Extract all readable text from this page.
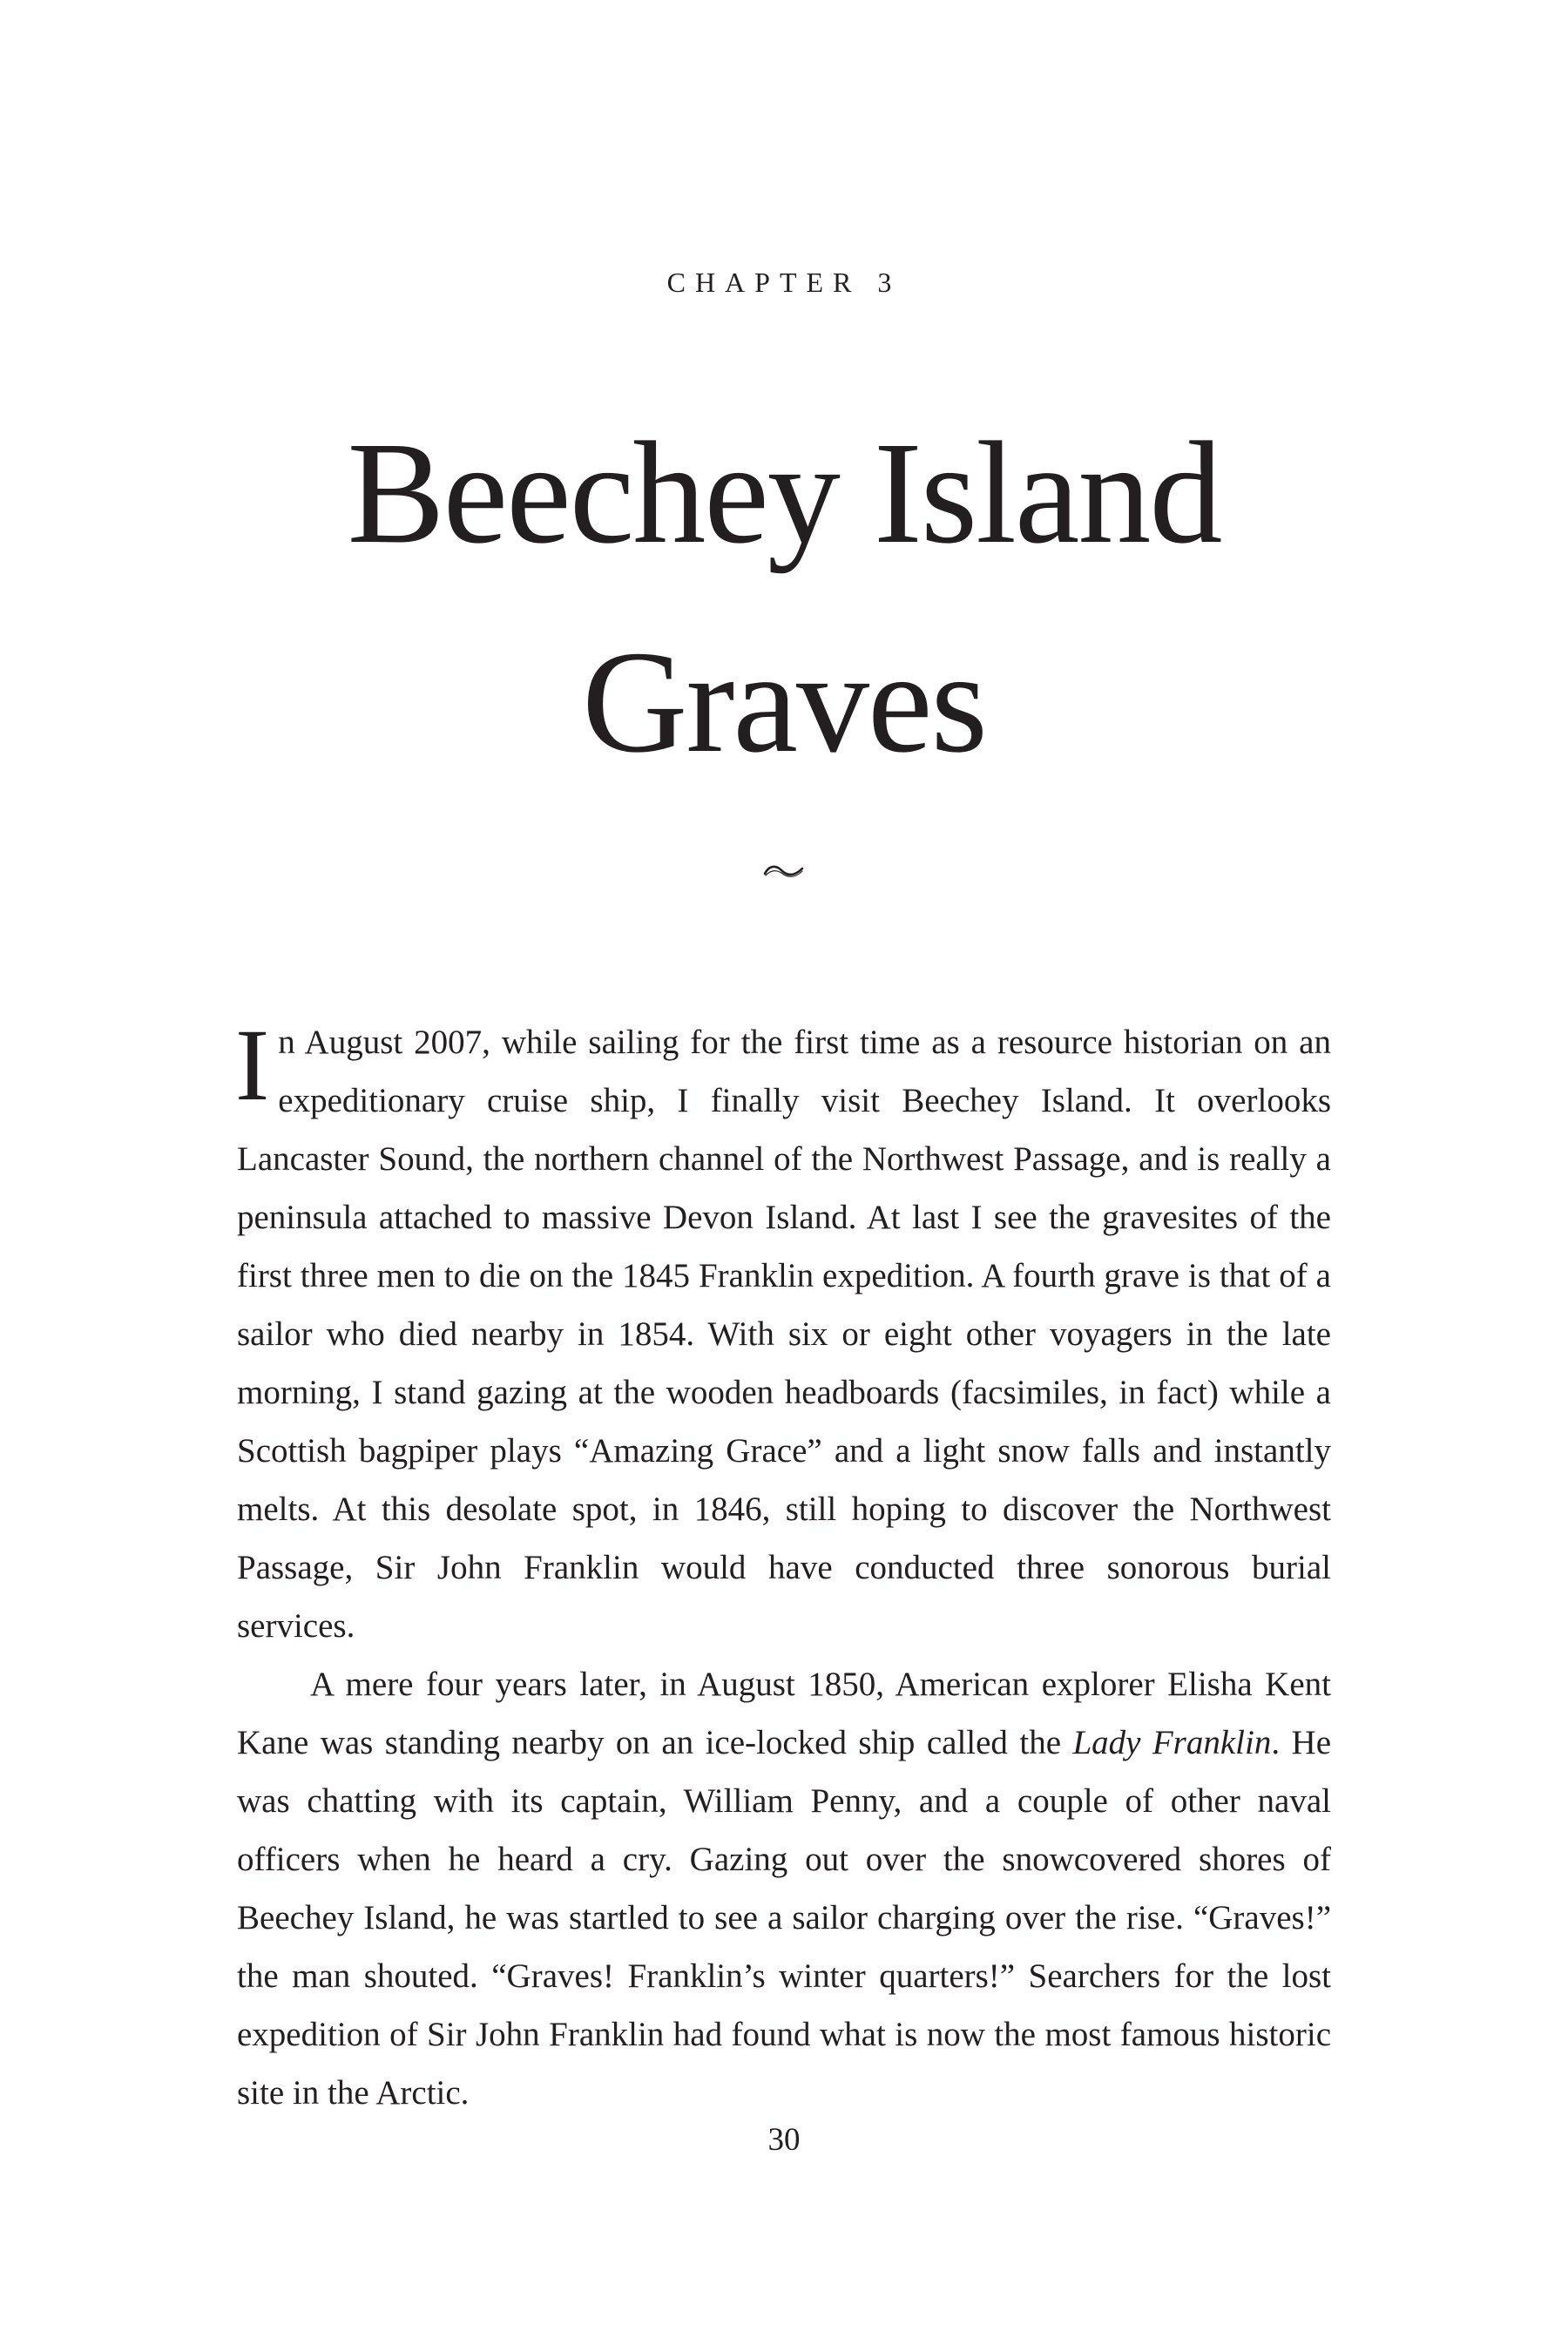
CHAPTER 3
Beechey Island
Graves

In August 2007, while sailing for the first time as a resource historian on an expeditionary cruise ship, I finally visit Beechey Island. It overlooks Lancaster Sound, the northern channel of the Northwest Passage, and is really a peninsula attached to massive Devon Island. At last I see the gravesites of the first three men to die on the 1845 Franklin expedition. A fourth grave is that of a sailor who died nearby in 1854. With six or eight other voyagers in the late morning, I stand gazing at the wooden headboards (facsimiles, in fact) while a Scottish bagpiper plays “Amazing Grace” and a light snow falls and instantly melts. At this desolate spot, in 1846, still hoping to discover the Northwest Passage, Sir John Franklin would have conducted three sonorous burial services.

A mere four years later, in August 1850, American explorer Elisha Kent Kane was standing nearby on an ice-locked ship called the Lady Franklin. He was chatting with its captain, William Penny, and a couple of other naval officers when he heard a cry. Gazing out over the snowcovered shores of Beechey Island, he was startled to see a sailor charging over the rise. “Graves!” the man shouted. “Graves! Franklin’s winter quarters!” Searchers for the lost expedition of Sir John Franklin had found what is now the most famous historic site in the Arctic.

30
